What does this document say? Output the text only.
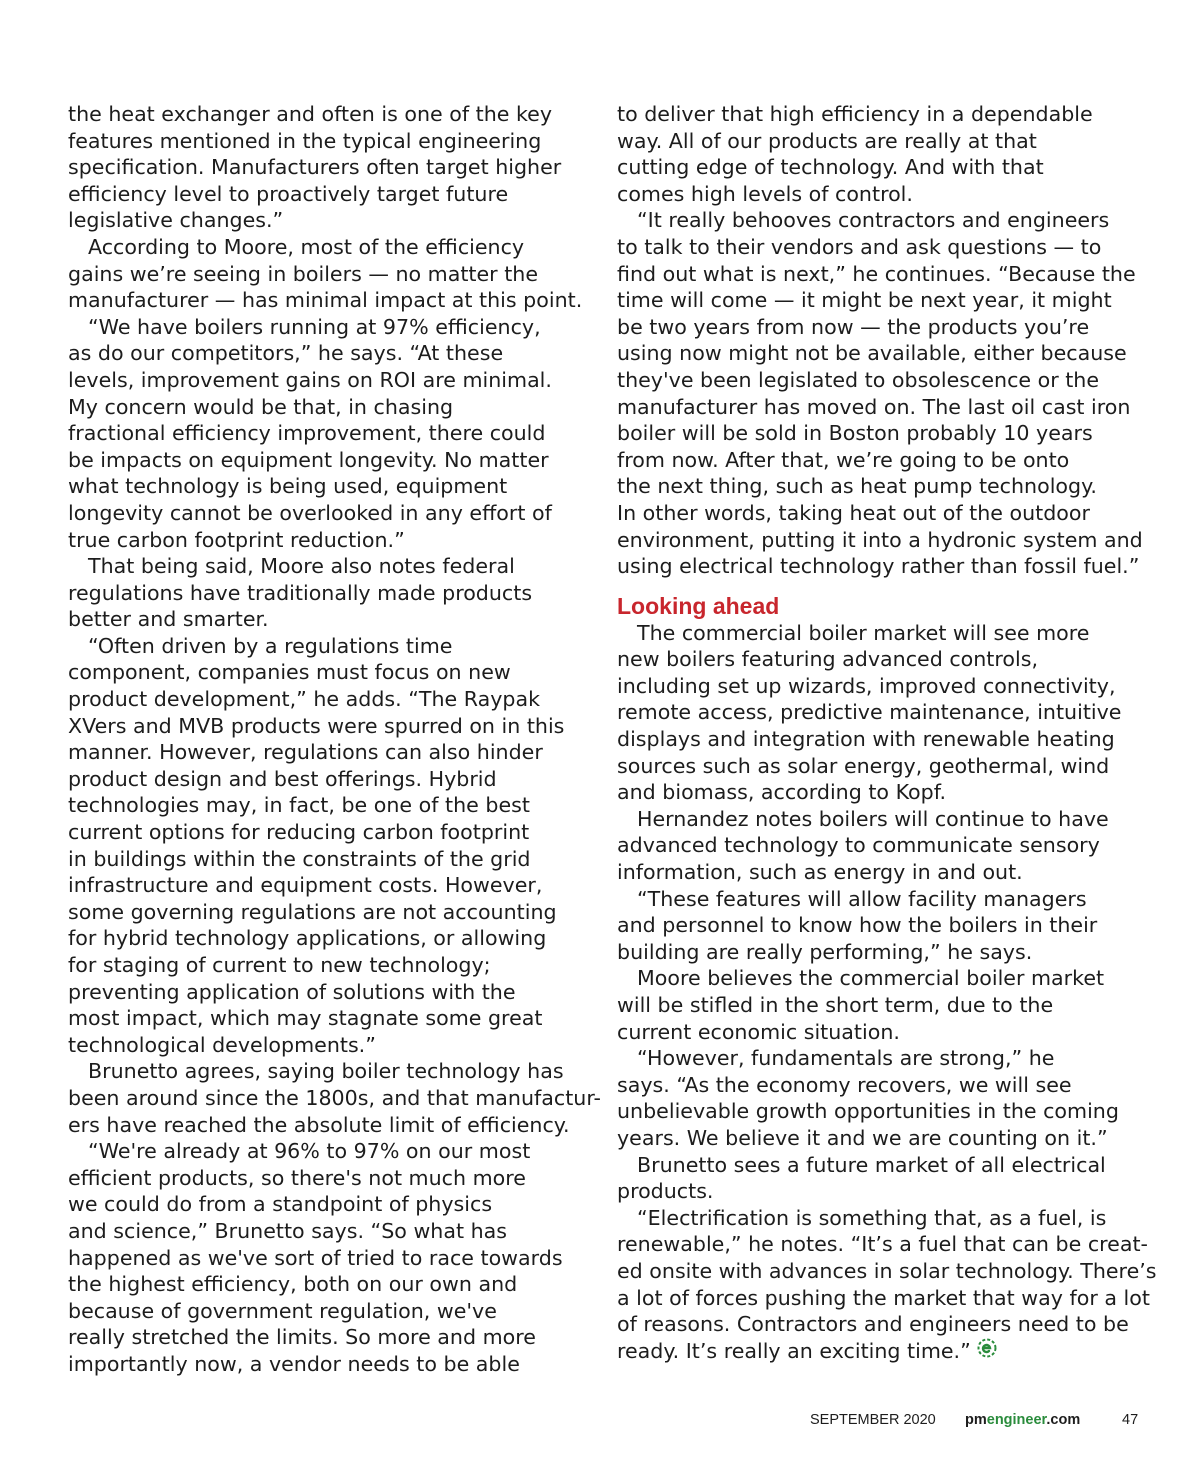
the heat exchanger and often is one of the key
features mentioned in the typical engineering
specification. Manufacturers often target higher
efficiency level to proactively target future
legislative changes.”
According to Moore, most of the efficiency
gains we’re seeing in boilers — no matter the
manufacturer — has minimal impact at this point.
“We have boilers running at 97% efficiency,
as do our competitors,” he says. “At these
levels, improvement gains on ROI are minimal.
My concern would be that, in chasing
fractional efficiency improvement, there could
be impacts on equipment longevity. No matter
what technology is being used, equipment
longevity cannot be overlooked in any effort of
true carbon footprint reduction.”
That being said, Moore also notes federal
regulations have traditionally made products
better and smarter.
“Often driven by a regulations time
component, companies must focus on new
product development,” he adds. “The Raypak
XVers and MVB products were spurred on in this
manner. However, regulations can also hinder
product design and best offerings. Hybrid
technologies may, in fact, be one of the best
current options for reducing carbon footprint
in buildings within the constraints of the grid
infrastructure and equipment costs. However,
some governing regulations are not accounting
for hybrid technology applications, or allowing
for staging of current to new technology;
preventing application of solutions with the
most impact, which may stagnate some great
technological developments.”
Brunetto agrees, saying boiler technology has
been around since the 1800s, and that manufactur-
ers have reached the absolute limit of efficiency.
“We're already at 96% to 97% on our most
efficient products, so there's not much more
we could do from a standpoint of physics
and science,” Brunetto says. “So what has
happened as we've sort of tried to race towards
the highest efficiency, both on our own and
because of government regulation, we've
really stretched the limits. So more and more
importantly now, a vendor needs to be able
to deliver that high efficiency in a dependable
way. All of our products are really at that
cutting edge of technology. And with that
comes high levels of control.
“It really behooves contractors and engineers
to talk to their vendors and ask questions — to
find out what is next,” he continues. “Because the
time will come — it might be next year, it might
be two years from now — the products you’re
using now might not be available, either because
they've been legislated to obsolescence or the
manufacturer has moved on. The last oil cast iron
boiler will be sold in Boston probably 10 years
from now. After that, we’re going to be onto
the next thing, such as heat pump technology.
In other words, taking heat out of the outdoor
environment, putting it into a hydronic system and
using electrical technology rather than fossil fuel.”
Looking ahead
The commercial boiler market will see more
new boilers featuring advanced controls,
including set up wizards, improved connectivity,
remote access, predictive maintenance, intuitive
displays and integration with renewable heating
sources such as solar energy, geothermal, wind
and biomass, according to Kopf.
Hernandez notes boilers will continue to have
advanced technology to communicate sensory
information, such as energy in and out.
“These features will allow facility managers
and personnel to know how the boilers in their
building are really performing,” he says.
Moore believes the commercial boiler market
will be stifled in the short term, due to the
current economic situation.
“However, fundamentals are strong,” he
says. “As the economy recovers, we will see
unbelievable growth opportunities in the coming
years. We believe it and we are counting on it.”
Brunetto sees a future market of all electrical
products.
“Electrification is something that, as a fuel, is
renewable,” he notes. “It’s a fuel that can be creat-
ed onsite with advances in solar technology. There’s
a lot of forces pushing the market that way for a lot
of reasons. Contractors and engineers need to be
ready. It’s really an exciting time.”
SEPTEMBER 2020 pmengineer.com	47
